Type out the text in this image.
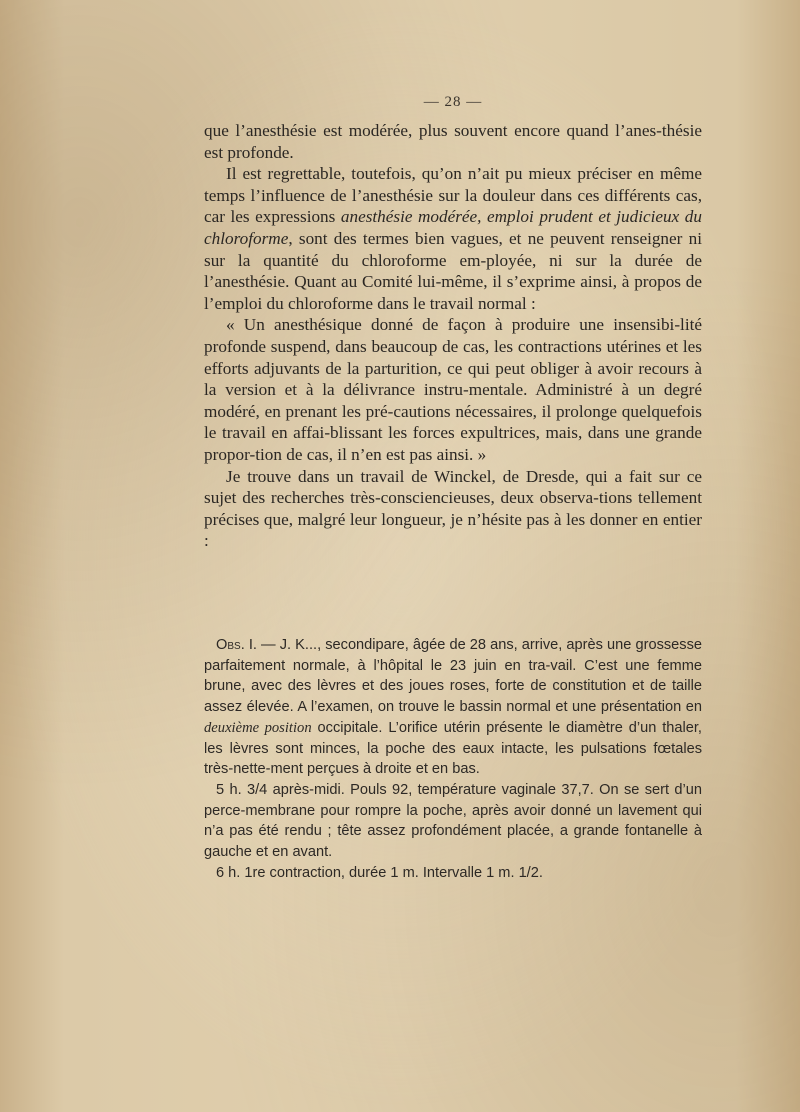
— 28 —

que l’anesthésie est modérée, plus souvent encore quand l’anes-thésie est profonde.

Il est regrettable, toutefois, qu’on n’ait pu mieux préciser en même temps l’influence de l’anesthésie sur la douleur dans ces différents cas, car les expressions anesthésie modérée, emploi prudent et judicieux du chloroforme, sont des termes bien vagues, et ne peuvent renseigner ni sur la quantité du chloroforme em-ployée, ni sur la durée de l’anesthésie. Quant au Comité lui-même, il s’exprime ainsi, à propos de l’emploi du chloroforme dans le travail normal :

« Un anesthésique donné de façon à produire une insensibi-lité profonde suspend, dans beaucoup de cas, les contractions utérines et les efforts adjuvants de la parturition, ce qui peut obliger à avoir recours à la version et à la délivrance instru-mentale. Administré à un degré modéré, en prenant les pré-cautions nécessaires, il prolonge quelquefois le travail en affai-blissant les forces expultrices, mais, dans une grande propor-tion de cas, il n’en est pas ainsi. »

Je trouve dans un travail de Winckel, de Dresde, qui a fait sur ce sujet des recherches très-consciencieuses, deux observa-tions tellement précises que, malgré leur longueur, je n’hésite pas à les donner en entier :

Obs. I. — J. K..., secondipare, âgée de 28 ans, arrive, après une grossesse parfaitement normale, à l’hôpital le 23 juin en tra-vail. C’est une femme brune, avec des lèvres et des joues roses, forte de constitution et de taille assez élevée. A l’examen, on trouve le bassin normal et une présentation en deuxième position occipitale. L’orifice utérin présente le diamètre d’un thaler, les lèvres sont minces, la poche des eaux intacte, les pulsations fœtales très-nette-ment perçues à droite et en bas.

5 h. 3/4 après-midi. Pouls 92, température vaginale 37,7. On se sert d’un perce-membrane pour rompre la poche, après avoir donné un lavement qui n’a pas été rendu ; tête assez profondément placée, a grande fontanelle à gauche et en avant.

6 h. 1re contraction, durée 1 m. Intervalle 1 m. 1/2.
